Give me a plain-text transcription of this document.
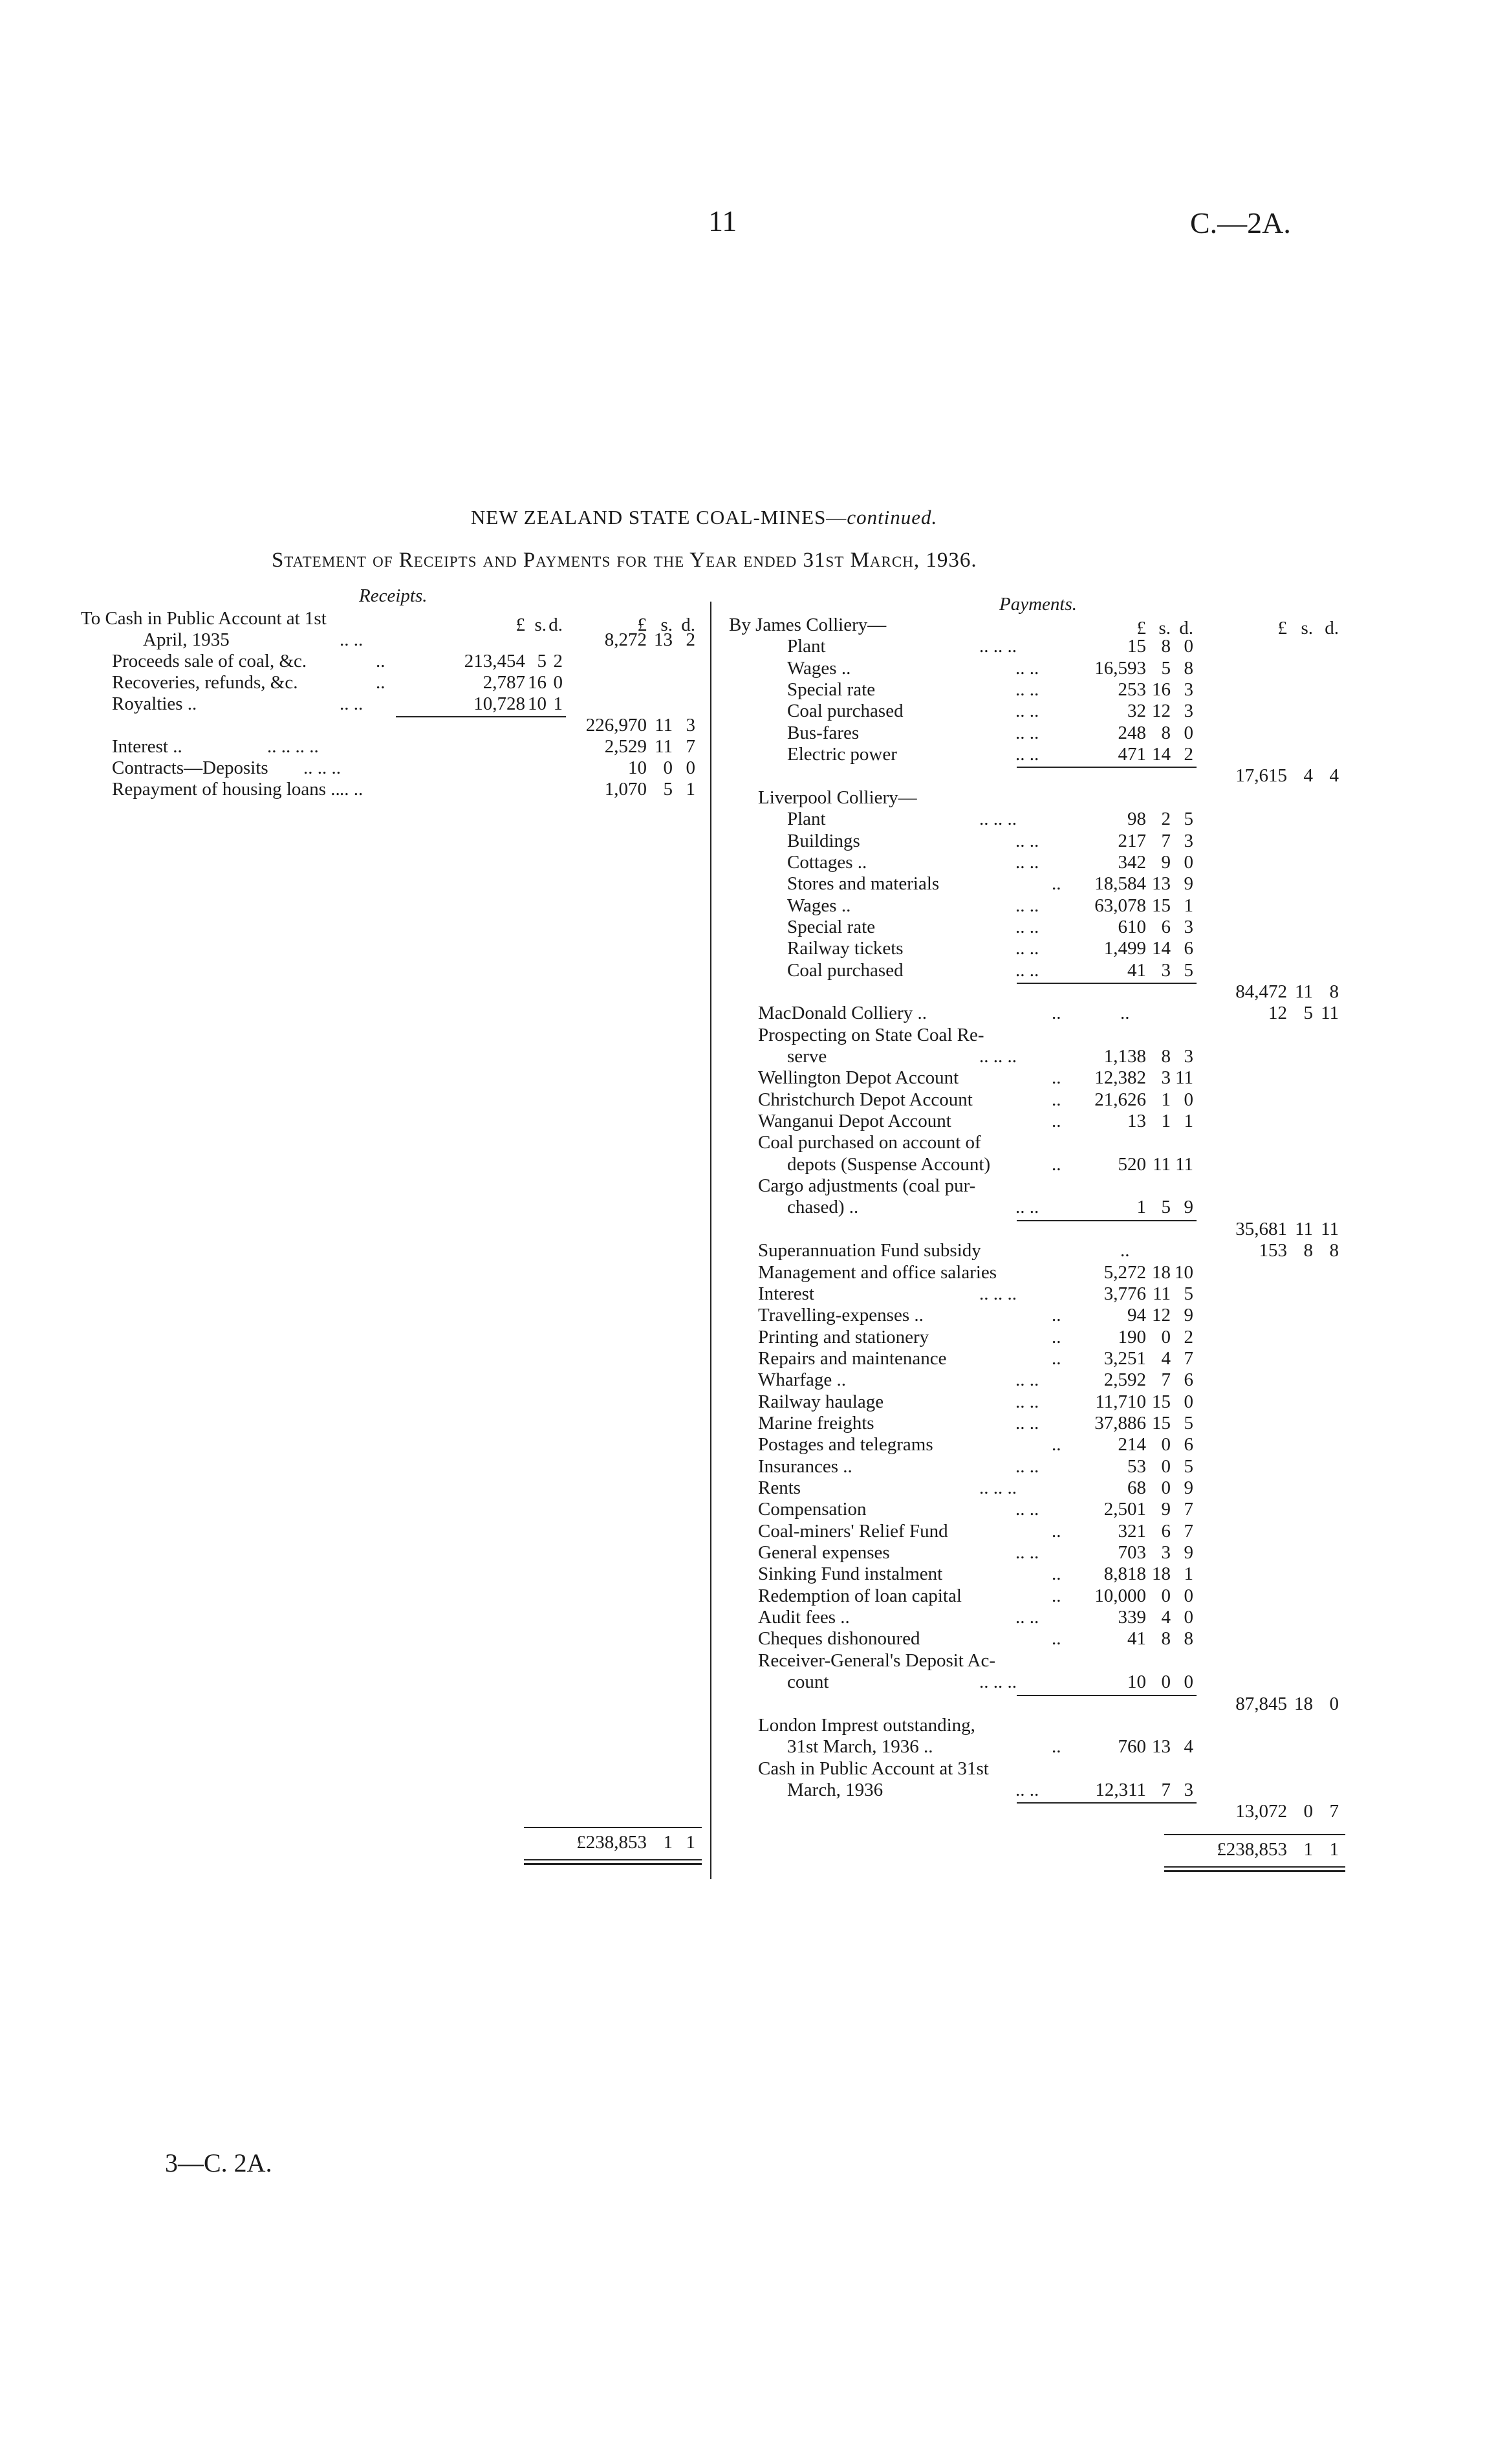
11	C.—2A.
NEW ZEALAND STATE COAL-MINES—continued.
Statement of Receipts and Payments for the Year ended 31st March, 1936.
Receipts.
£ s. d.	£ s. d.
To Cash in Public Account at 1st
April, 1935	.. ..	8,272 13 2
Proceeds sale of coal, &c.	..	213,454 5 2
Recoveries, refunds, &c.	..	2,787 16 0
Royalties ..	.. ..	10,728 10 1
226,970 11 3
Interest ..	.. .. .. ..	2,529 11 7
Contracts—Deposits .. .. ..	10 0 0
Repayment of housing loans .. .. ..	1,070 5 1
£238,853 1 1
Payments.
£ s. d.	£ s. d.
By James Colliery—
Plant	.. .. ..	15 8 0
Wages ..	.. ..	16,593 5 8
Special rate	.. ..	253 16 3
Coal purchased	.. ..	32 12 3
Bus-fares	.. ..	248 8 0
Electric power	.. ..	471 14 2
17,615 4 4
Liverpool Colliery—
Plant	.. .. ..	98 2 5
Buildings	.. ..	217 7 3
Cottages ..	.. ..	342 9 0
Stores and materials	..	18,584 13 9
Wages ..	.. ..	63,078 15 1
Special rate	.. ..	610 6 3
Railway tickets	.. ..	1,499 14 6
Coal purchased	.. ..	41 3 5
84,472 11 8
MacDonald Colliery ..	..	..	12 5 11
Prospecting on State Coal Re-
serve	.. .. ..	1,138 8 3
Wellington Depot Account	..	12,382 3 11
Christchurch Depot Account	..	21,626 1 0
Wanganui Depot Account	..	13 1 1
Coal purchased on account of
depots (Suspense Account)	..	520 11 11
Cargo adjustments (coal pur-
chased) ..	.. ..	1 5 9
35,681 11 11
Superannuation Fund subsidy	..	153 8 8
Management and office salaries	5,272 18 10
Interest	.. .. ..	3,776 11 5
Travelling-expenses ..	..	94 12 9
Printing and stationery	..	190 0 2
Repairs and maintenance	..	3,251 4 7
Wharfage ..	.. ..	2,592 7 6
Railway haulage	.. ..	11,710 15 0
Marine freights	.. ..	37,886 15 5
Postages and telegrams	..	214 0 6
Insurances ..	.. ..	53 0 5
Rents	.. .. ..	68 0 9
Compensation	.. ..	2,501 9 7
Coal-miners' Relief Fund	..	321 6 7
General expenses	.. ..	703 3 9
Sinking Fund instalment	..	8,818 18 1
Redemption of loan capital	..	10,000 0 0
Audit fees ..	.. ..	339 4 0
Cheques dishonoured	..	41 8 8
Receiver-General's Deposit Ac-
count	.. .. ..	10 0 0
87,845 18 0
London Imprest outstanding,
31st March, 1936 ..	..	760 13 4
Cash in Public Account at 31st
March, 1936	.. ..	12,311 7 3
13,072 0 7
£238,853 1 1
3—C. 2A.
